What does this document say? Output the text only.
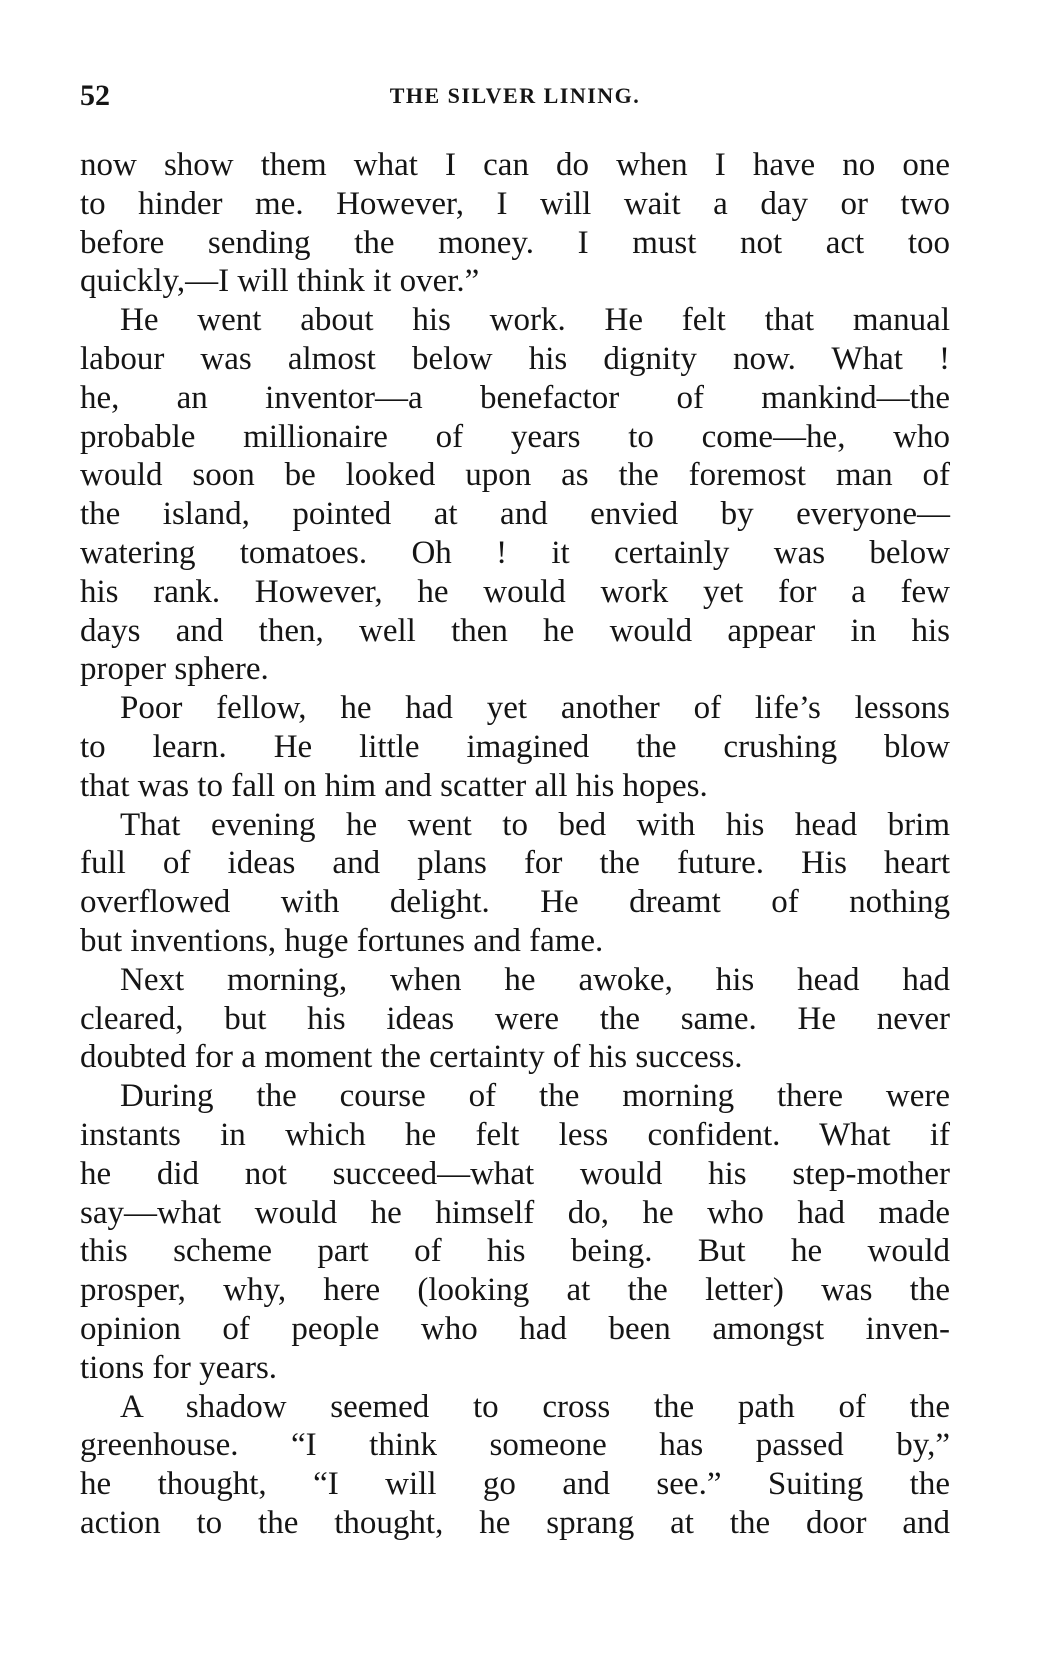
52	THE SILVER LINING.
now show them what I can do when I have no one
to hinder me. However, I will wait a day or two
before sending the money. I must not act too
quickly,—I will think it over.”
He went about his work. He felt that manual
labour was almost below his dignity now. What !
he, an inventor—a benefactor of mankind—the
probable millionaire of years to come—he, who
would soon be looked upon as the foremost man of
the island, pointed at and envied by everyone—
watering tomatoes. Oh ! it certainly was below
his rank. However, he would work yet for a few
days and then, well then he would appear in his
proper sphere.
Poor fellow, he had yet another of life’s lessons
to learn. He little imagined the crushing blow
that was to fall on him and scatter all his hopes.
That evening he went to bed with his head brim
full of ideas and plans for the future. His heart
overflowed with delight. He dreamt of nothing
but inventions, huge fortunes and fame.
Next morning, when he awoke, his head had
cleared, but his ideas were the same. He never
doubted for a moment the certainty of his success.
During the course of the morning there were
instants in which he felt less confident. What if
he did not succeed—what would his step-mother
say—what would he himself do, he who had made
this scheme part of his being. But he would
prosper, why, here (looking at the letter) was the
opinion of people who had been amongst inven-
tions for years.
A shadow seemed to cross the path of the
greenhouse. “I think someone has passed by,”
he thought, “I will go and see.” Suiting the
action to the thought, he sprang at the door and
